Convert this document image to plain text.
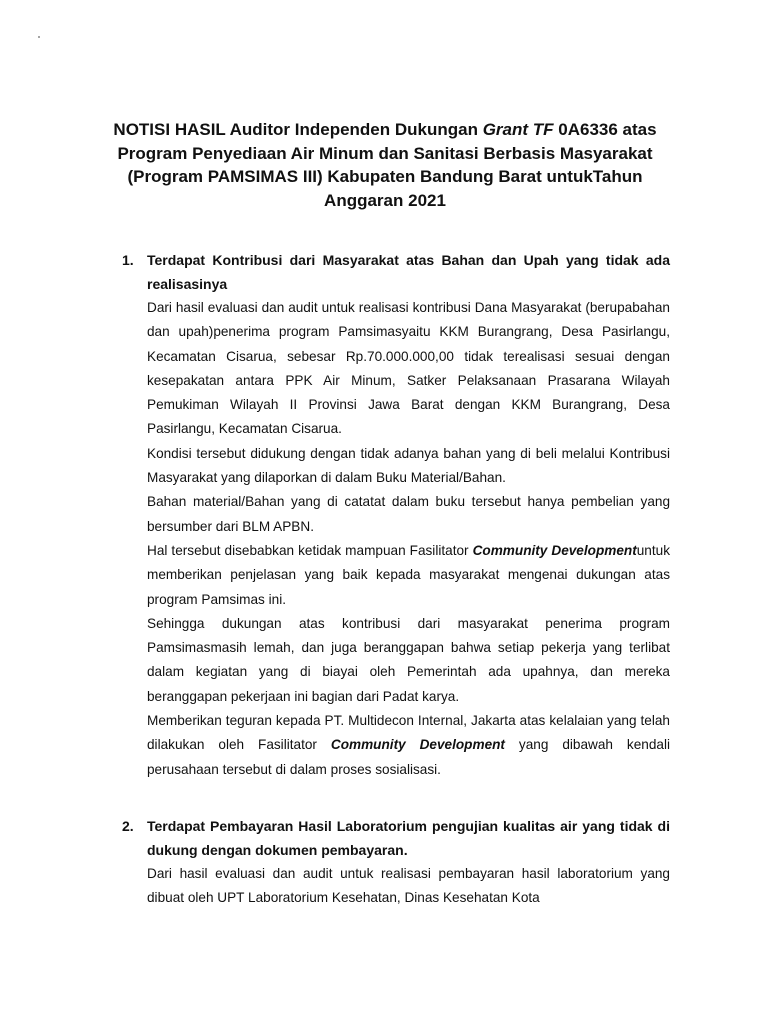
NOTISI HASIL Auditor Independen Dukungan Grant TF 0A6336 atas Program Penyediaan Air Minum dan Sanitasi Berbasis Masyarakat (Program PAMSIMAS III) Kabupaten Bandung Barat untukTahun Anggaran 2021
1. Terdapat Kontribusi dari Masyarakat atas Bahan dan Upah yang tidak ada realisasinya

Dari hasil evaluasi dan audit untuk realisasi kontribusi Dana Masyarakat (berupabahan dan upah)penerima program Pamsimasyaitu KKM Burangrang, Desa Pasirlangu, Kecamatan Cisarua, sebesar Rp.70.000.000,00 tidak terealisasi sesuai dengan kesepakatan antara PPK Air Minum, Satker Pelaksanaan Prasarana Wilayah Pemukiman Wilayah II Provinsi Jawa Barat dengan KKM Burangrang, Desa Pasirlangu, Kecamatan Cisarua.

Kondisi tersebut didukung dengan tidak adanya bahan yang di beli melalui Kontribusi Masyarakat yang dilaporkan di dalam Buku Material/Bahan.

Bahan material/Bahan yang di catatat dalam buku tersebut hanya pembelian yang bersumber dari BLM APBN.

Hal tersebut disebabkan ketidak mampuan Fasilitator Community Developmentuntuk memberikan penjelasan yang baik kepada masyarakat mengenai dukungan atas program Pamsimas ini.

Sehingga dukungan atas kontribusi dari masyarakat penerima program Pamsimasmasih lemah, dan juga beranggapan bahwa setiap pekerja yang terlibat dalam kegiatan yang di biayai oleh Pemerintah ada upahnya, dan mereka beranggapan pekerjaan ini bagian dari Padat karya.

Memberikan teguran kepada PT. Multidecon Internal, Jakarta atas kelalaian yang telah dilakukan oleh Fasilitator Community Development yang dibawah kendali perusahaan tersebut di dalam proses sosialisasi.

2. Terdapat Pembayaran Hasil Laboratorium pengujian kualitas air yang tidak di dukung dengan dokumen pembayaran.

Dari hasil evaluasi dan audit untuk realisasi pembayaran hasil laboratorium yang dibuat oleh UPT Laboratorium Kesehatan, Dinas Kesehatan Kota
